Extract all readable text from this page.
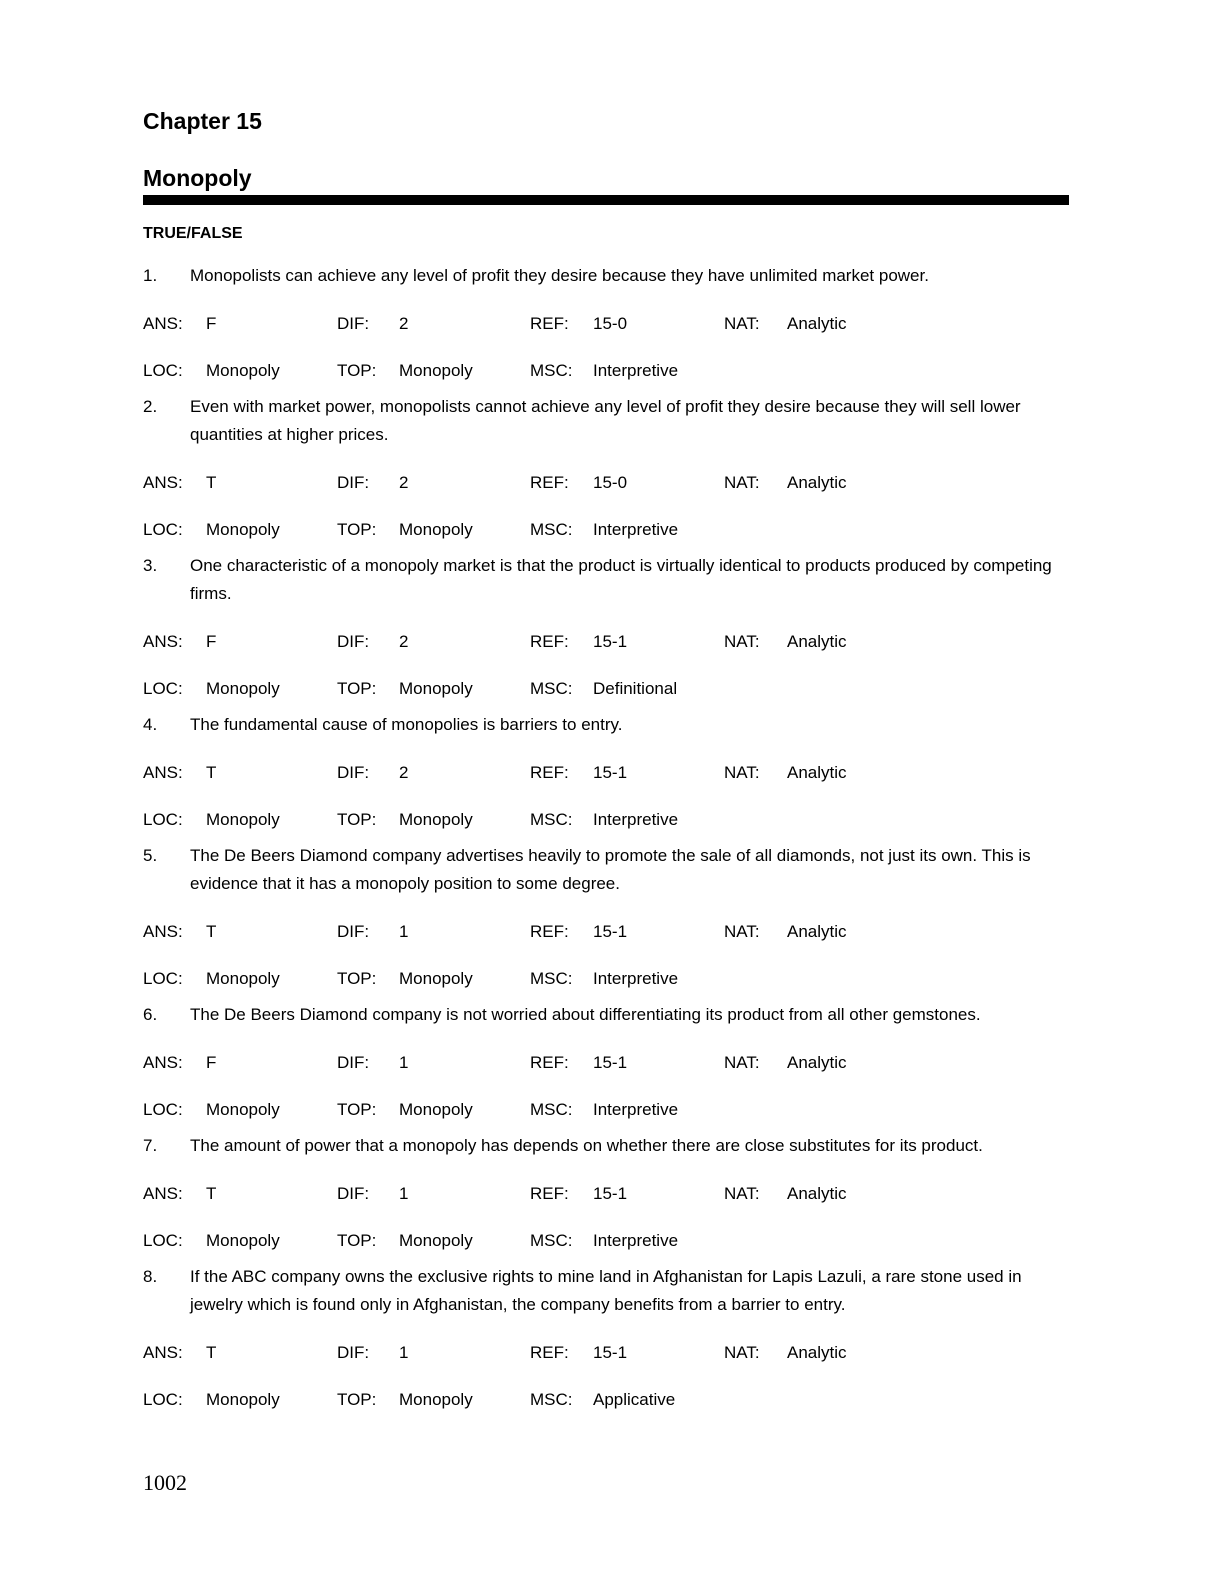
Chapter 15
Monopoly
TRUE/FALSE
1. Monopolists can achieve any level of profit they desire because they have unlimited market power.
ANS: F	DIF: 2	REF: 15-0	NAT: Analytic
LOC: Monopoly	TOP: Monopoly	MSC: Interpretive
2. Even with market power, monopolists cannot achieve any level of profit they desire because they will sell lower quantities at higher prices.
ANS: T	DIF: 2	REF: 15-0	NAT: Analytic
LOC: Monopoly	TOP: Monopoly	MSC: Interpretive
3. One characteristic of a monopoly market is that the product is virtually identical to products produced by competing firms.
ANS: F	DIF: 2	REF: 15-1	NAT: Analytic
LOC: Monopoly	TOP: Monopoly	MSC: Definitional
4. The fundamental cause of monopolies is barriers to entry.
ANS: T	DIF: 2	REF: 15-1	NAT: Analytic
LOC: Monopoly	TOP: Monopoly	MSC: Interpretive
5. The De Beers Diamond company advertises heavily to promote the sale of all diamonds, not just its own. This is evidence that it has a monopoly position to some degree.
ANS: T	DIF: 1	REF: 15-1	NAT: Analytic
LOC: Monopoly	TOP: Monopoly	MSC: Interpretive
6. The De Beers Diamond company is not worried about differentiating its product from all other gemstones.
ANS: F	DIF: 1	REF: 15-1	NAT: Analytic
LOC: Monopoly	TOP: Monopoly	MSC: Interpretive
7. The amount of power that a monopoly has depends on whether there are close substitutes for its product.
ANS: T	DIF: 1	REF: 15-1	NAT: Analytic
LOC: Monopoly	TOP: Monopoly	MSC: Interpretive
8. If the ABC company owns the exclusive rights to mine land in Afghanistan for Lapis Lazuli, a rare stone used in jewelry which is found only in Afghanistan, the company benefits from a barrier to entry.
ANS: T	DIF: 1	REF: 15-1	NAT: Analytic
LOC: Monopoly	TOP: Monopoly	MSC: Applicative
1002
